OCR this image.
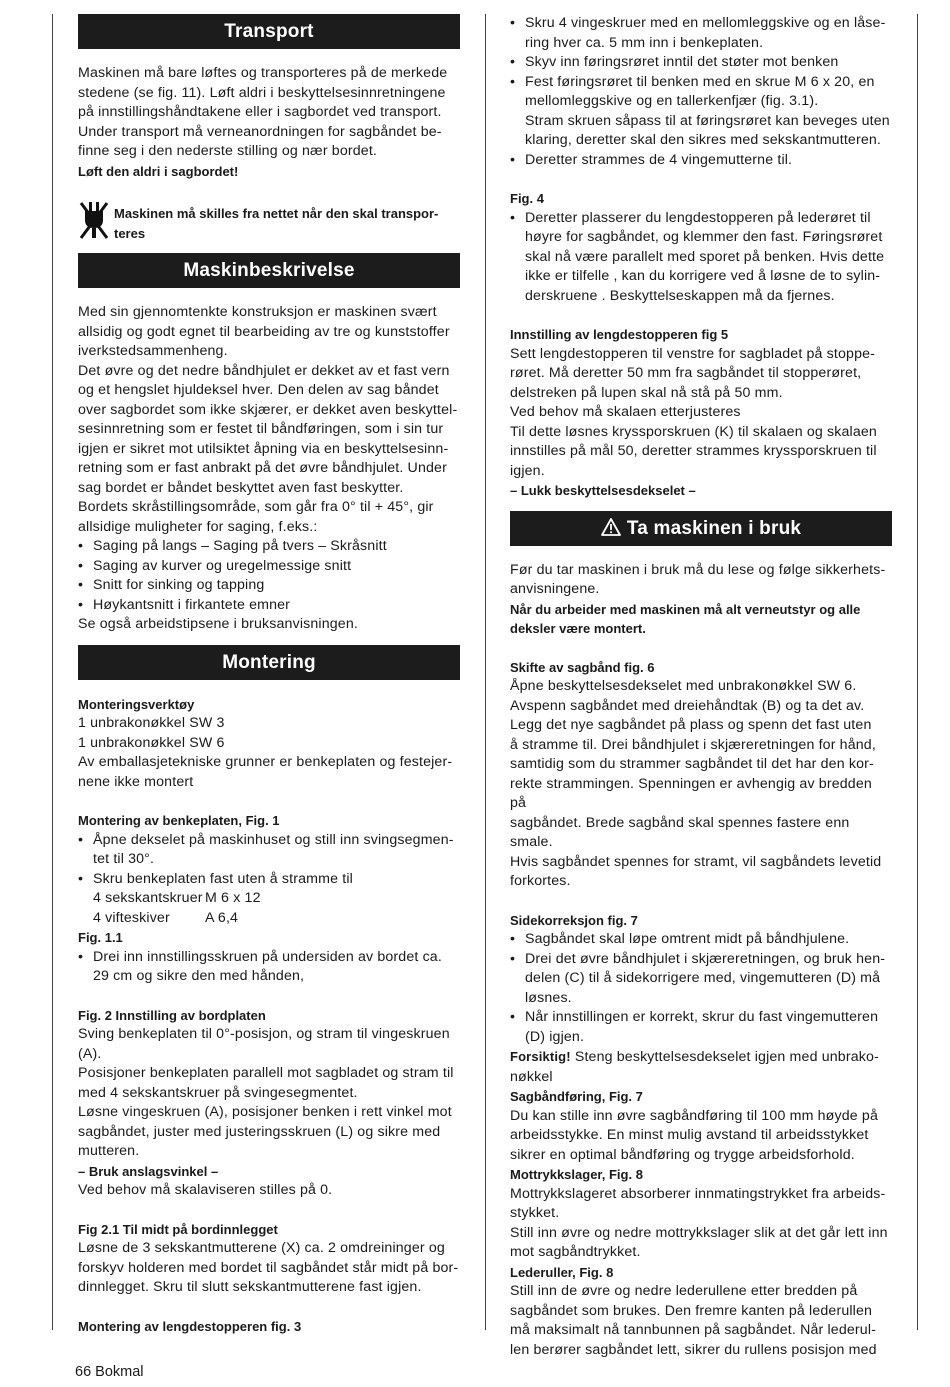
Transport
Maskinen må bare løftes og transporteres på de merkede
stedene (se fig. 11). Løft aldri i beskyttelsesinnretningene
på innstillingshåndtakene eller i sagbordet ved transport.
Under transport må verneanordningen for sagbåndet be-
finne seg i den nederste stilling og nær bordet.
Løft den aldri i sagbordet!
Maskinen må skilles fra nettet når den skal transpor-
teres
Maskinbeskrivelse
Med sin gjennomtenkte konstruksjon er maskinen svært
allsidig og godt egnet til bearbeiding av tre og kunststoffer
iverkstedsammenheng.
Det øvre og det nedre båndhjulet er dekket av et fast vern
og et hengslet hjuldeksel hver. Den delen av sag båndet
over sagbordet som ikke skjærer, er dekket aven beskyttel-
sesinnretning som er festet til båndføringen, som i sin tur
igjen er sikret mot utilsiktet åpning via en beskyttelsesinn-
retning som er fast anbrakt på det øvre båndhjulet. Under
sag bordet er båndet beskyttet aven fast beskytter.
Bordets skråstillingsområde, som går fra 0° til + 45°, gir
allsidige muligheter for saging, f.eks.:
• Saging på langs – Saging på tvers – Skråsnitt
• Saging av kurver og uregelmessige snitt
• Snitt for sinking og tapping
• Høykantsnitt i firkantete emner
Se også arbeidstipsene i bruksanvisningen.
Montering
Monteringsverktøy
1 unbrakonøkkel SW 3
1 unbrakonøkkel SW 6
Av emballasjetekniske grunner er benkeplaten og festejer-
nene ikke montert
Montering av benkeplaten, Fig. 1
• Åpne dekselet på maskinhuset og still inn svingsegmen-
tet til 30°.
• Skru benkeplaten fast uten å stramme til
4 sekskantskruer M 6 x 12
4 vifteskiver	A 6,4
Fig. 1.1
• Drei inn innstillingsskruen på undersiden av bordet ca.
29 cm og sikre den med hånden,
Fig. 2 Innstilling av bordplaten
Sving benkeplaten til 0°-posisjon, og stram til vingeskruen
(A).
Posisjoner benkeplaten parallell mot sagbladet og stram til
med 4 sekskantskruer på svingesegmentet.
Løsne vingeskruen (A), posisjoner benken i rett vinkel mot
sagbåndet, juster med justeringsskruen (L) og sikre med
mutteren.
– Bruk anslagsvinkel –
Ved behov må skalaviseren stilles på 0.
Fig 2.1 Til midt på bordinnlegget
Løsne de 3 sekskantmutterene (X) ca. 2 omdreininger og
forskyv holderen med bordet til sagbåndet står midt på bor-
dinnlegget. Skru til slutt sekskantmutterene fast igjen.
Montering av lengdestopperen fig. 3
• Skru 4 vingeskruer med en mellomleggskive og en låse-
ring hver ca. 5 mm inn i benkeplaten.
• Skyv inn føringsrøret inntil det støter mot benken
• Fest føringsrøret til benken med en skrue M 6 x 20, en
mellomleggskive og en tallerkenfjær (fig. 3.1).
Stram skruen såpass til at føringsrøret kan beveges uten
klaring, deretter skal den sikres med sekskantmutteren.
• Deretter strammes de 4 vingemutterne til.
Fig. 4
• Deretter plasserer du lengdestopperen på lederøret til
høyre for sagbåndet, og klemmer den fast. Føringsrøret
skal nå være parallelt med sporet på benken. Hvis dette
ikke er tilfelle , kan du korrigere ved å løsne de to sylin-
derskruene . Beskyttelseskappen må da fjernes.
Innstilling av lengdestopperen fig 5
Sett lengdestopperen til venstre for sagbladet på stoppe-
røret. Må deretter 50 mm fra sagbåndet til stopperøret,
delstreken på lupen skal nå stå på 50 mm.
Ved behov må skalaen etterjusteres
Til dette løsnes kryssporskruen (K) til skalaen og skalaen
innstilles på mål 50, deretter strammes kryssporskruen til
igjen.
– Lukk beskyttelsesdekselet –
Ta maskinen i bruk
Før du tar maskinen i bruk må du lese og følge sikkerhets-
anvisningene.
Når du arbeider med maskinen må alt verneutstyr og alle
deksler være montert.
Skifte av sagbånd fig. 6
Åpne beskyttelsesdekselet med unbrakonøkkel SW 6.
Avspenn sagbåndet med dreiehåndtak (B) og ta det av.
Legg det nye sagbåndet på plass og spenn det fast uten
å stramme til. Drei båndhjulet i skjæreretningen for hånd,
samtidig som du strammer sagbåndet til det har den kor-
rekte strammingen. Spenningen er avhengig av bredden på
sagbåndet. Brede sagbånd skal spennes fastere enn smale.
Hvis sagbåndet spennes for stramt, vil sagbåndets levetid
forkortes.
Sidekorreksjon fig. 7
• Sagbåndet skal løpe omtrent midt på båndhjulene.
• Drei det øvre båndhjulet i skjæreretningen, og bruk hen-
delen (C) til å sidekorrigere med, vingemutteren (D) må
løsnes.
• Når innstillingen er korrekt, skrur du fast vingemutteren
(D) igjen.
Forsiktig! Steng beskyttelsesdekselet igjen med unbrako-
nøkkel
Sagbåndføring, Fig. 7
Du kan stille inn øvre sagbåndføring til 100 mm høyde på
arbeidsstykke. En minst mulig avstand til arbeidsstykket
sikrer en optimal båndføring og trygge arbeidsforhold.
Mottrykkslager, Fig. 8
Mottrykkslageret absorberer innmatingstrykket fra arbeids-
stykket.
Still inn øvre og nedre mottrykkslager slik at det går lett inn
mot sagbåndtrykket.
Lederuller, Fig. 8
Still inn de øvre og nedre lederullene etter bredden på
sagbåndet som brukes. Den fremre kanten på lederullen
må maksimalt nå tannbunnen på sagbåndet. Når lederul-
len berører sagbåndet lett, sikrer du rullens posisjon med
66 Bokmal
